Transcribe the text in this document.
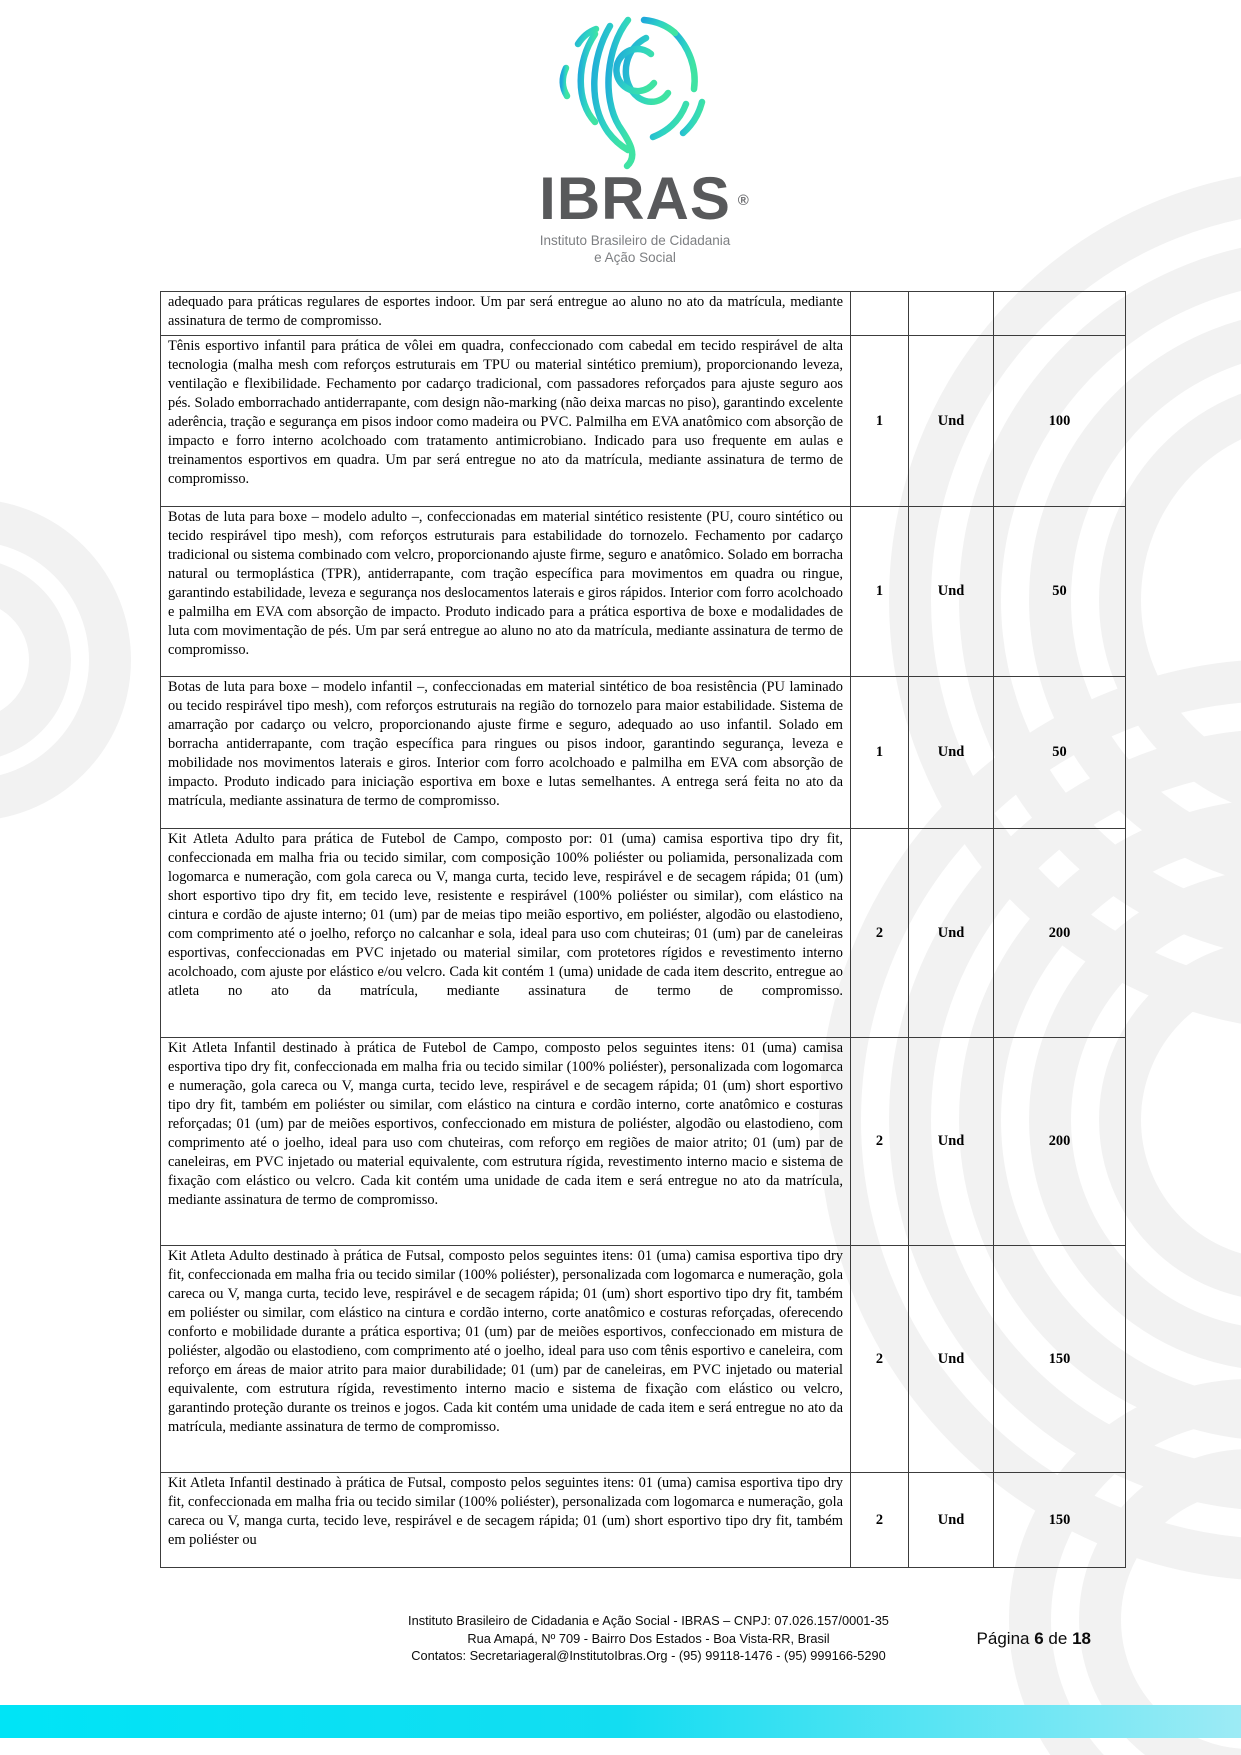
IBRAS ®
Instituto Brasileiro de Cidadania
e Ação Social
adequado para práticas regulares de esportes indoor. Um par será entregue ao aluno no ato da matrícula, mediante assinatura de termo de compromisso.			
Tênis esportivo infantil para prática de vôlei em quadra, confeccionado com cabedal em tecido respirável de alta tecnologia (malha mesh com reforços estruturais em TPU ou material sintético premium), proporcionando leveza, ventilação e flexibilidade. Fechamento por cadarço tradicional, com passadores reforçados para ajuste seguro aos pés. Solado emborrachado antiderrapante, com design não-marking (não deixa marcas no piso), garantindo excelente aderência, tração e segurança em pisos indoor como madeira ou PVC. Palmilha em EVA anatômico com absorção de impacto e forro interno acolchoado com tratamento antimicrobiano. Indicado para uso frequente em aulas e treinamentos esportivos em quadra. Um par será entregue no ato da matrícula, mediante assinatura de termo de compromisso.	1	Und	100
Botas de luta para boxe – modelo adulto –, confeccionadas em material sintético resistente (PU, couro sintético ou tecido respirável tipo mesh), com reforços estruturais para estabilidade do tornozelo. Fechamento por cadarço tradicional ou sistema combinado com velcro, proporcionando ajuste firme, seguro e anatômico. Solado em borracha natural ou termoplástica (TPR), antiderrapante, com tração específica para movimentos em quadra ou ringue, garantindo estabilidade, leveza e segurança nos deslocamentos laterais e giros rápidos. Interior com forro acolchoado e palmilha em EVA com absorção de impacto. Produto indicado para a prática esportiva de boxe e modalidades de luta com movimentação de pés. Um par será entregue ao aluno no ato da matrícula, mediante assinatura de termo de compromisso.	1	Und	50
Botas de luta para boxe – modelo infantil –, confeccionadas em material sintético de boa resistência (PU laminado ou tecido respirável tipo mesh), com reforços estruturais na região do tornozelo para maior estabilidade. Sistema de amarração por cadarço ou velcro, proporcionando ajuste firme e seguro, adequado ao uso infantil. Solado em borracha antiderrapante, com tração específica para ringues ou pisos indoor, garantindo segurança, leveza e mobilidade nos movimentos laterais e giros. Interior com forro acolchoado e palmilha em EVA com absorção de impacto. Produto indicado para iniciação esportiva em boxe e lutas semelhantes. A entrega será feita no ato da matrícula, mediante assinatura de termo de compromisso.	1	Und	50
Kit Atleta Adulto para prática de Futebol de Campo, composto por: 01 (uma) camisa esportiva tipo dry fit, confeccionada em malha fria ou tecido similar, com composição 100% poliéster ou poliamida, personalizada com logomarca e numeração, com gola careca ou V, manga curta, tecido leve, respirável e de secagem rápida; 01 (um) short esportivo tipo dry fit, em tecido leve, resistente e respirável (100% poliéster ou similar), com elástico na cintura e cordão de ajuste interno; 01 (um) par de meias tipo meião esportivo, em poliéster, algodão ou elastodieno, com comprimento até o joelho, reforço no calcanhar e sola, ideal para uso com chuteiras; 01 (um) par de caneleiras esportivas, confeccionadas em PVC injetado ou material similar, com protetores rígidos e revestimento interno acolchoado, com ajuste por elástico e/ou velcro. Cada kit contém 1 (uma) unidade de cada item descrito, entregue ao atleta no ato da matrícula, mediante assinatura de termo de compromisso.	2	Und	200
Kit Atleta Infantil destinado à prática de Futebol de Campo, composto pelos seguintes itens: 01 (uma) camisa esportiva tipo dry fit, confeccionada em malha fria ou tecido similar (100% poliéster), personalizada com logomarca e numeração, gola careca ou V, manga curta, tecido leve, respirável e de secagem rápida; 01 (um) short esportivo tipo dry fit, também em poliéster ou similar, com elástico na cintura e cordão interno, corte anatômico e costuras reforçadas; 01 (um) par de meiões esportivos, confeccionado em mistura de poliéster, algodão ou elastodieno, com comprimento até o joelho, ideal para uso com chuteiras, com reforço em regiões de maior atrito; 01 (um) par de caneleiras, em PVC injetado ou material equivalente, com estrutura rígida, revestimento interno macio e sistema de fixação com elástico ou velcro. Cada kit contém uma unidade de cada item e será entregue no ato da matrícula, mediante assinatura de termo de compromisso.	2	Und	200
Kit Atleta Adulto destinado à prática de Futsal, composto pelos seguintes itens: 01 (uma) camisa esportiva tipo dry fit, confeccionada em malha fria ou tecido similar (100% poliéster), personalizada com logomarca e numeração, gola careca ou V, manga curta, tecido leve, respirável e de secagem rápida; 01 (um) short esportivo tipo dry fit, também em poliéster ou similar, com elástico na cintura e cordão interno, corte anatômico e costuras reforçadas, oferecendo conforto e mobilidade durante a prática esportiva; 01 (um) par de meiões esportivos, confeccionado em mistura de poliéster, algodão ou elastodieno, com comprimento até o joelho, ideal para uso com tênis esportivo e caneleira, com reforço em áreas de maior atrito para maior durabilidade; 01 (um) par de caneleiras, em PVC injetado ou material equivalente, com estrutura rígida, revestimento interno macio e sistema de fixação com elástico ou velcro, garantindo proteção durante os treinos e jogos. Cada kit contém uma unidade de cada item e será entregue no ato da matrícula, mediante assinatura de termo de compromisso.	2	Und	150
Kit Atleta Infantil destinado à prática de Futsal, composto pelos seguintes itens: 01 (uma) camisa esportiva tipo dry fit, confeccionada em malha fria ou tecido similar (100% poliéster), personalizada com logomarca e numeração, gola careca ou V, manga curta, tecido leve, respirável e de secagem rápida; 01 (um) short esportivo tipo dry fit, também em poliéster ou	2	Und	150
Instituto Brasileiro de Cidadania e Ação Social - IBRAS – CNPJ: 07.026.157/0001-35
Rua Amapá, Nº 709 - Bairro Dos Estados - Boa Vista-RR, Brasil
Contatos: Secretariageral@InstitutoIbras.Org - (95) 99118-1476 - (95) 999166-5290
Página 6 de 18
